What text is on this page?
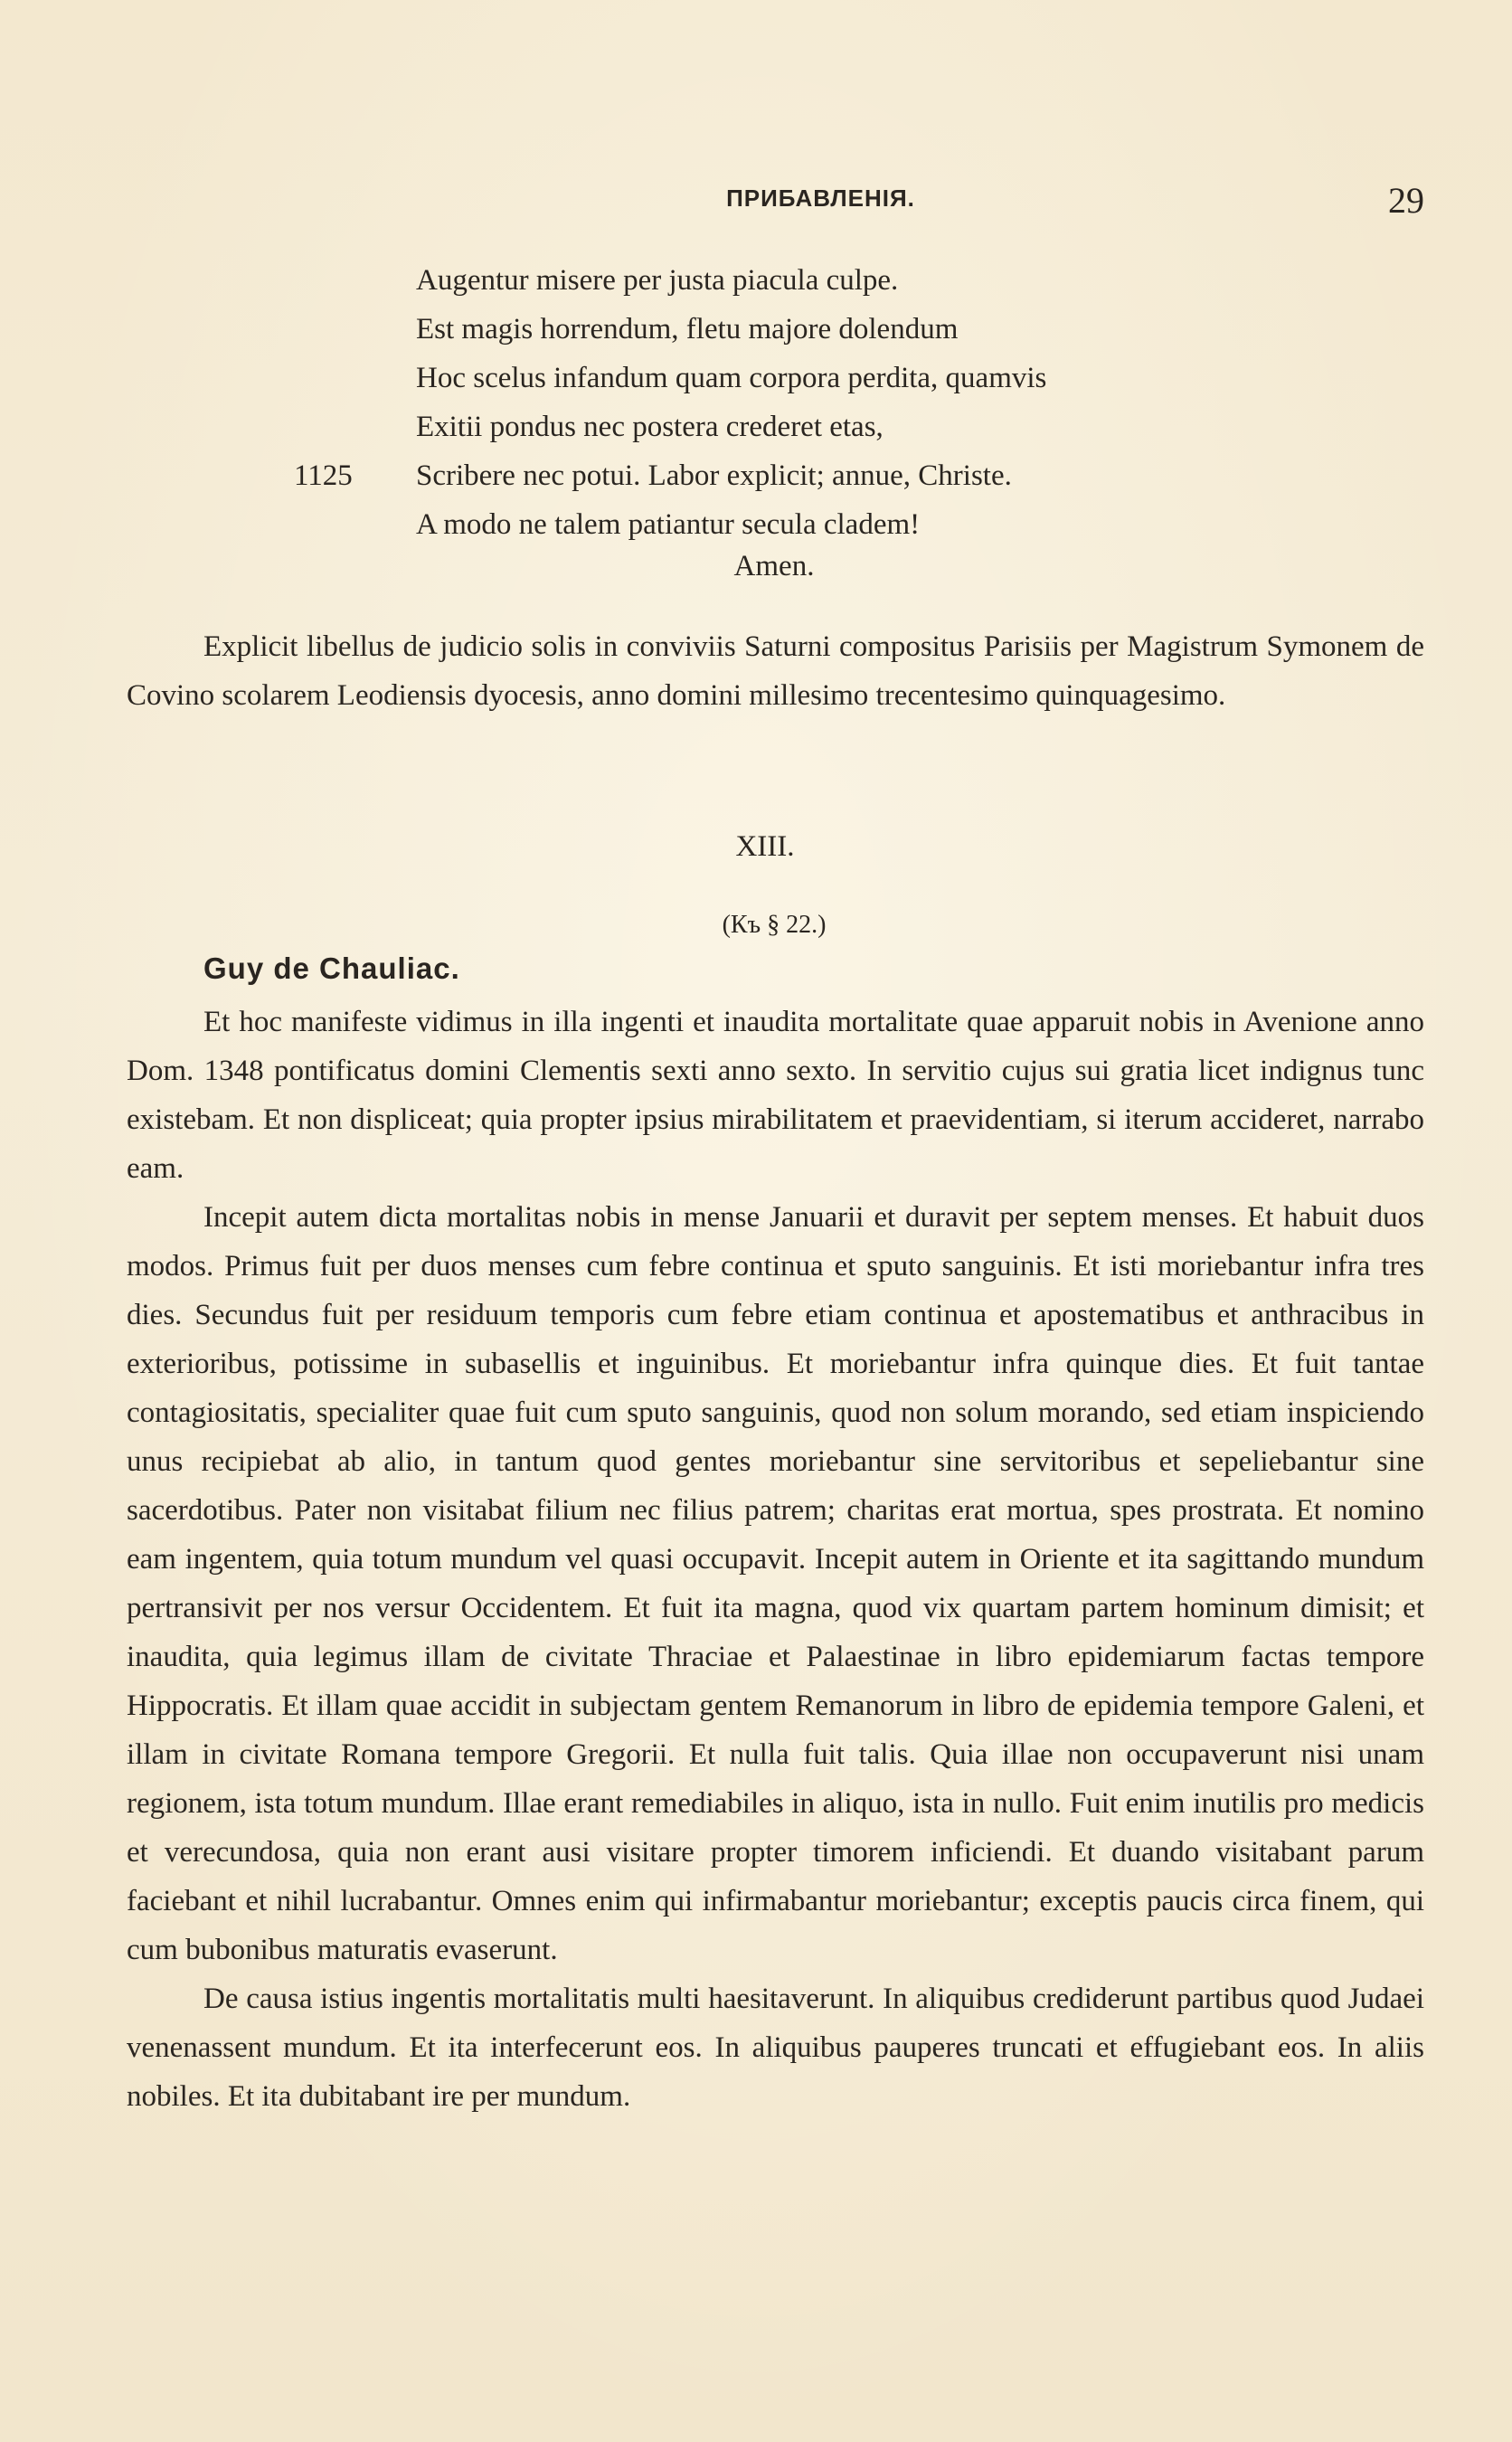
ПРИБАВЛЕНІЯ.	29
Augentur misere per justa piacula culpe.
Est magis horrendum, fletu majore dolendum
Hoc scelus infandum quam corpora perdita, quamvis
Exitii pondus nec postera crederet etas,
1125 Scribere nec potui. Labor explicit; annue, Christe.
A modo ne talem patiantur secula cladem!
Amen.
Explicit libellus de judicio solis in conviviis Saturni compositus Parisiis per Magistrum Symonem de Covino scolarem Leodiensis dyocesis, anno domini millesimo trecentesimo quinquagesimo.
XIII.
(Къ § 22.)
Guy de Chauliac.

Et hoc manifeste vidimus in illa ingenti et inaudita mortalitate quae apparuit nobis in Avenione anno Dom. 1348 pontificatus domini Clementis sexti anno sexto. In servitio cujus sui gratia licet indignus tunc existebam. Et non displiceat; quia propter ipsius mirabilitatem et praevidentiam, si iterum accideret, narrabo eam.

Incepit autem dicta mortalitas nobis in mense Januarii et duravit per septem menses. Et habuit duos modos. Primus fuit per duos menses cum febre continua et sputo sanguinis. Et isti moriebantur infra tres dies. Secundus fuit per residuum temporis cum febre etiam continua et apostematibus et anthracibus in exterioribus, potissime in subasellis et inguinibus. Et moriebantur infra quinque dies. Et fuit tantae contagiositatis, specialiter quae fuit cum sputo sanguinis, quod non solum morando, sed etiam inspiciendo unus recipiebat ab alio, in tantum quod gentes moriebantur sine servitoribus et sepeliebantur sine sacerdotibus. Pater non visitabat filium nec filius patrem; charitas erat mortua, spes prostrata. Et nomino eam ingentem, quia totum mundum vel quasi occupavit. Incepit autem in Oriente et ita sagittando mundum pertransivit per nos versur Occidentem. Et fuit ita magna, quod vix quartam partem hominum dimisit; et inaudita, quia legimus illam de civitate Thraciae et Palaestinae in libro epidemiarum factas tempore Hippocratis. Et illam quae accidit in subjectam gentem Remanorum in libro de epidemia tempore Galeni, et illam in civitate Romana tempore Gregorii. Et nulla fuit talis. Quia illae non occupaverunt nisi unam regionem, ista totum mundum. Illae erant remediabiles in aliquo, ista in nullo. Fuit enim inutilis pro medicis et verecundosa, quia non erant ausi visitare propter timorem inficiendi. Et duando visitabant parum faciebant et nihil lucrabantur. Omnes enim qui infirmabantur moriebantur; exceptis paucis circa finem, qui cum bubonibus maturatis evaserunt.

De causa istius ingentis mortalitatis multi haesitaverunt. In aliquibus crediderunt partibus quod Judaei venenassent mundum. Et ita interfecerunt eos. In aliquibus pauperes truncati et effugiebant eos. In aliis nobiles. Et ita dubitabant ire per mundum.
